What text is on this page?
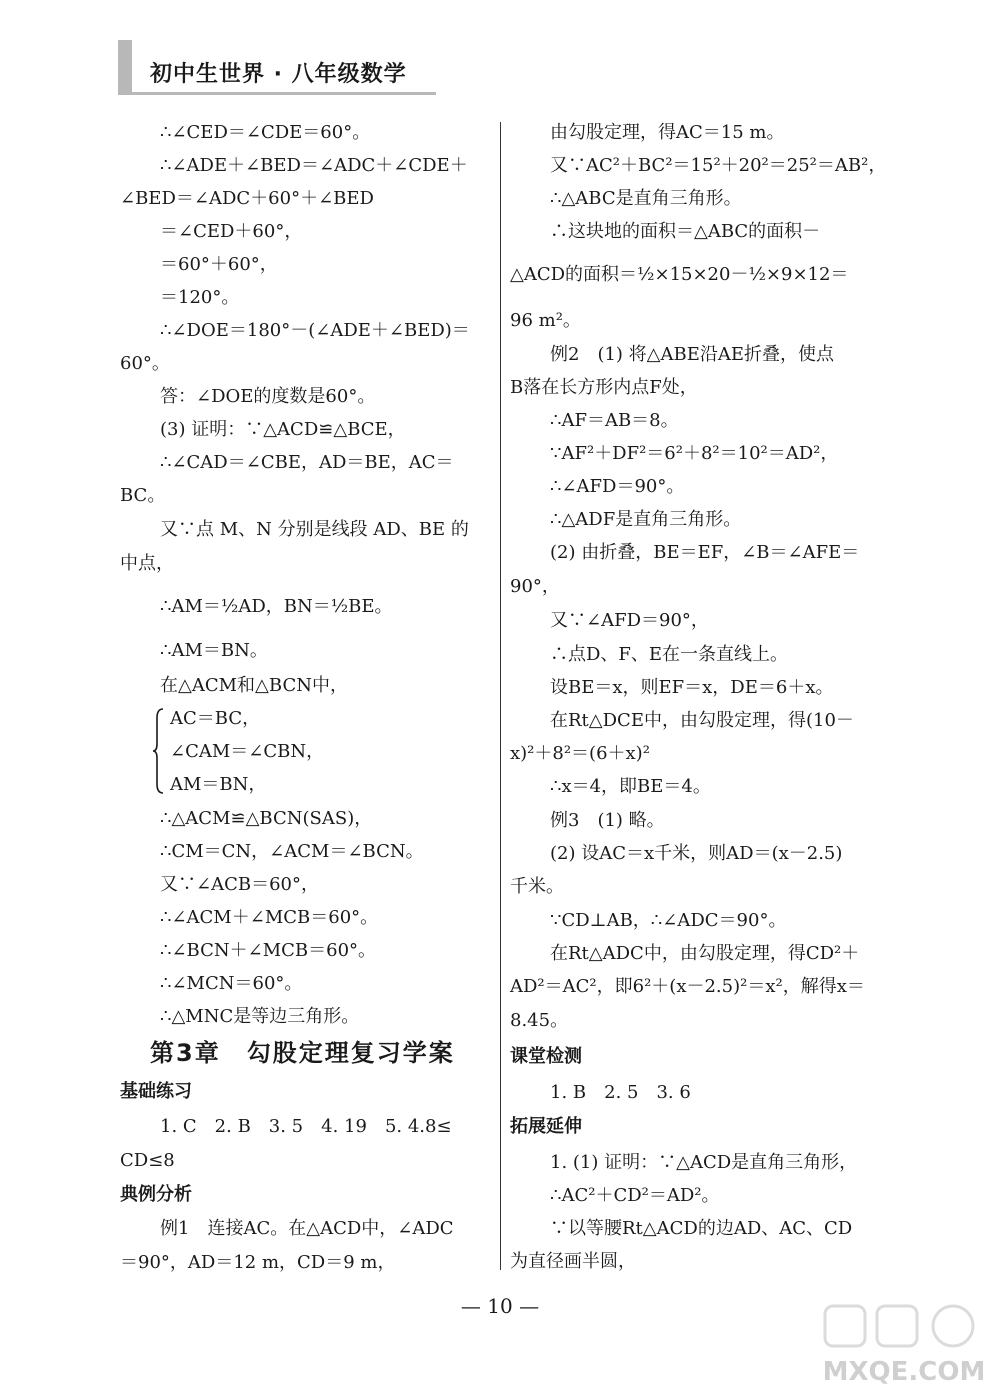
初中生世界 · 八年级数学
∴∠CED＝∠CDE＝60°。
∴∠ADE＋∠BED＝∠ADC＋∠CDE＋
∠BED＝∠ADC＋60°＋∠BED
＝∠CED＋60°，
＝60°＋60°，
＝120°。
∴∠DOE＝180°－(∠ADE＋∠BED)＝
60°。
答：∠DOE的度数是60°。
(3) 证明：∵△ACD≌△BCE，
∴∠CAD＝∠CBE，AD＝BE，AC＝
BC。
又∵点 M、N 分别是线段 AD、BE 的
中点，
∴AM＝½AD，BN＝½BE。
∴AM＝BN。
在△ACM和△BCN中，
AC＝BC，
∠CAM＝∠CBN，
AM＝BN，
∴△ACM≌△BCN(SAS)，
∴CM＝CN，∠ACM＝∠BCN。
又∵∠ACB＝60°，
∴∠ACM＋∠MCB＝60°。
∴∠BCN＋∠MCB＝60°。
∴∠MCN＝60°。
∴△MNC是等边三角形。
第3章　勾股定理复习学案
基础练习
1. C　2. B　3. 5　4. 19　5. 4.8≤
CD≤8
典例分析
例1　连接AC。在△ACD中，∠ADC
＝90°，AD＝12 m，CD＝9 m，
由勾股定理，得AC＝15 m。
又∵AC²＋BC²＝15²＋20²＝25²＝AB²，
∴△ABC是直角三角形。
∴这块地的面积＝△ABC的面积－
△ACD的面积＝½×15×20－½×9×12＝
96 m²。
例2　(1) 将△ABE沿AE折叠，使点
B落在长方形内点F处，
∴AF＝AB＝8。
∵AF²＋DF²＝6²＋8²＝10²＝AD²，
∴∠AFD＝90°。
∴△ADF是直角三角形。
(2) 由折叠，BE＝EF，∠B＝∠AFE＝
90°，
又∵∠AFD＝90°，
∴点D、F、E在一条直线上。
设BE＝x，则EF＝x，DE＝6＋x。
在Rt△DCE中，由勾股定理，得(10－
x)²＋8²＝(6＋x)²
∴x＝4，即BE＝4。
例3　(1) 略。
(2) 设AC＝x千米，则AD＝(x－2.5)
千米。
∵CD⊥AB，∴∠ADC＝90°。
在Rt△ADC中，由勾股定理，得CD²＋
AD²＝AC²，即6²＋(x－2.5)²＝x²，解得x＝
8.45。
课堂检测
1. B　2. 5　3. 6
拓展延伸
1. (1) 证明：∵△ACD是直角三角形，
∴AC²＋CD²＝AD²。
∵以等腰Rt△ACD的边AD、AC、CD
为直径画半圆，
— 10 —
MXQE.COM
